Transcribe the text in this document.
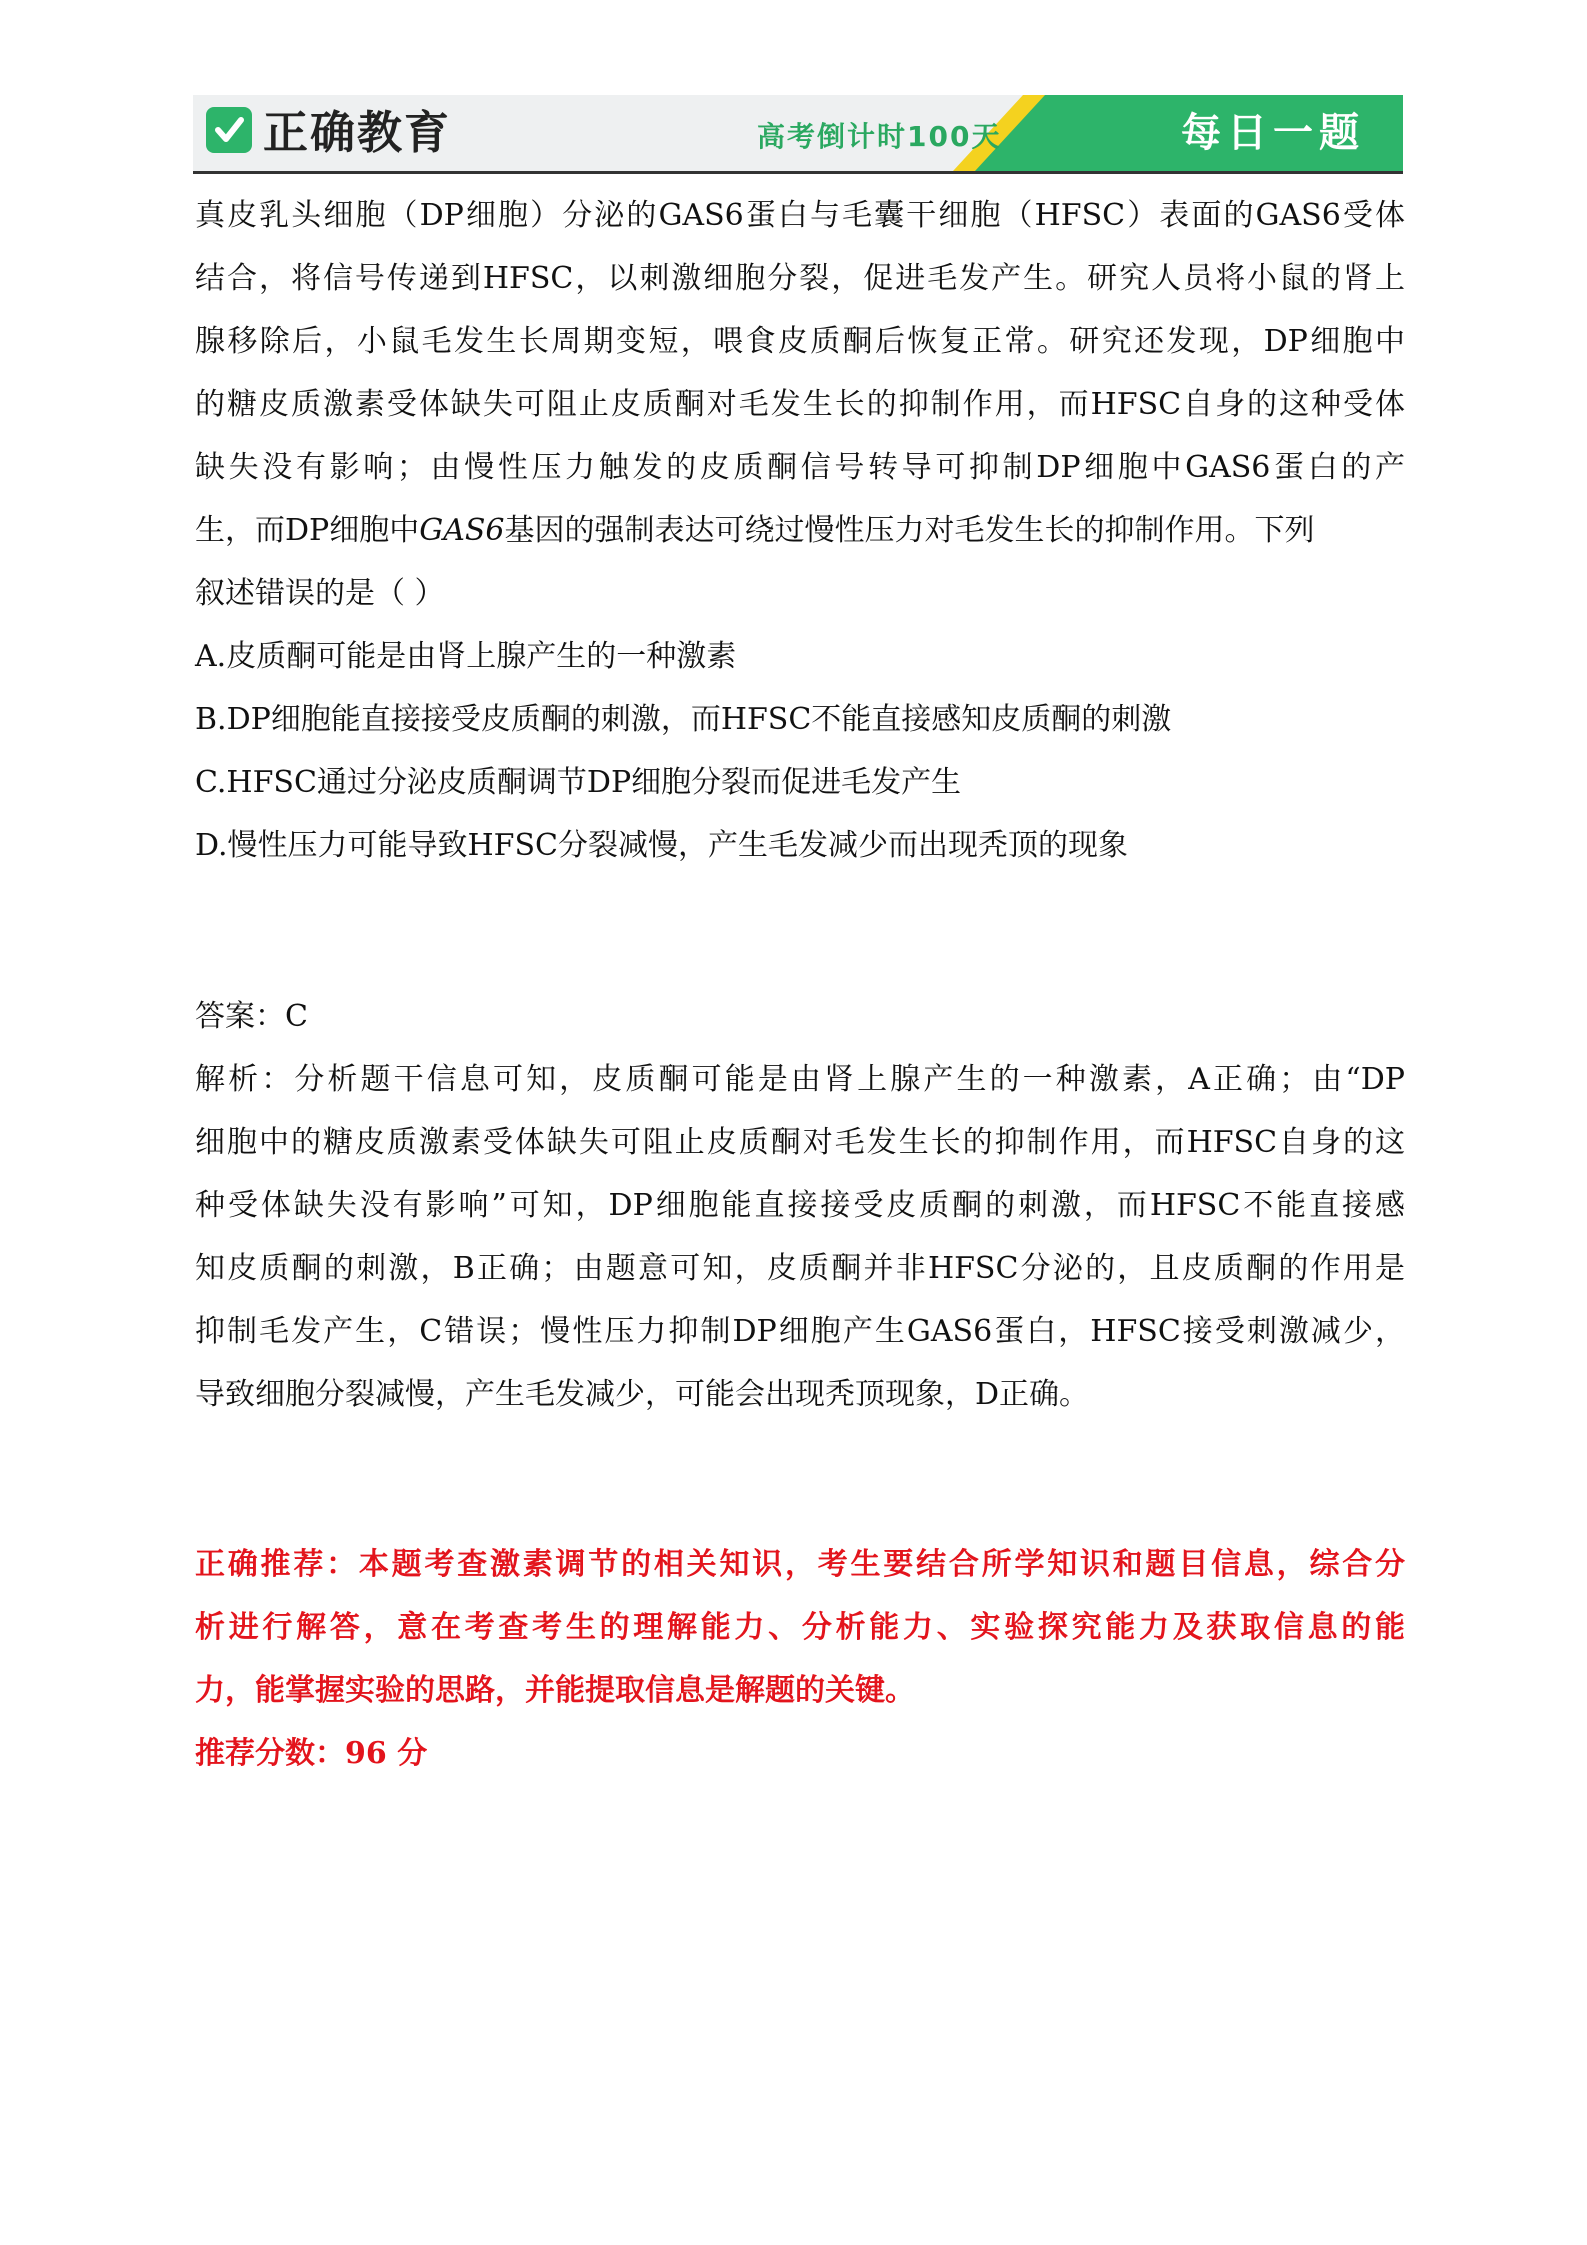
正确教育	高考倒计时100天	每日一题
真皮乳头细胞（DP细胞）分泌的GAS6蛋白与毛囊干细胞（HFSC）表面的GAS6受体
结合，将信号传递到HFSC，以刺激细胞分裂，促进毛发产生。研究人员将小鼠的肾上
腺移除后，小鼠毛发生长周期变短，喂食皮质酮后恢复正常。研究还发现，DP细胞中
的糖皮质激素受体缺失可阻止皮质酮对毛发生长的抑制作用，而HFSC自身的这种受体
缺失没有影响；由慢性压力触发的皮质酮信号转导可抑制DP细胞中GAS6蛋白的产
生，而DP细胞中GAS6基因的强制表达可绕过慢性压力对毛发生长的抑制作用。下列
叙述错误的是（ ）
A.皮质酮可能是由肾上腺产生的一种激素
B.DP细胞能直接接受皮质酮的刺激，而HFSC不能直接感知皮质酮的刺激
C.HFSC通过分泌皮质酮调节DP细胞分裂而促进毛发产生
D.慢性压力可能导致HFSC分裂减慢，产生毛发减少而出现秃顶的现象
答案：C
解析：分析题干信息可知，皮质酮可能是由肾上腺产生的一种激素，A正确；由“DP
细胞中的糖皮质激素受体缺失可阻止皮质酮对毛发生长的抑制作用，而HFSC自身的这
种受体缺失没有影响”可知，DP细胞能直接接受皮质酮的刺激，而HFSC不能直接感
知皮质酮的刺激，B正确；由题意可知，皮质酮并非HFSC分泌的，且皮质酮的作用是
抑制毛发产生，C错误；慢性压力抑制DP细胞产生GAS6蛋白，HFSC接受刺激减少，
导致细胞分裂减慢，产生毛发减少，可能会出现秃顶现象，D正确。
正确推荐：本题考查激素调节的相关知识，考生要结合所学知识和题目信息，综合分
析进行解答，意在考查考生的理解能力、分析能力、实验探究能力及获取信息的能
力，能掌握实验的思路，并能提取信息是解题的关键。
推荐分数：96 分
